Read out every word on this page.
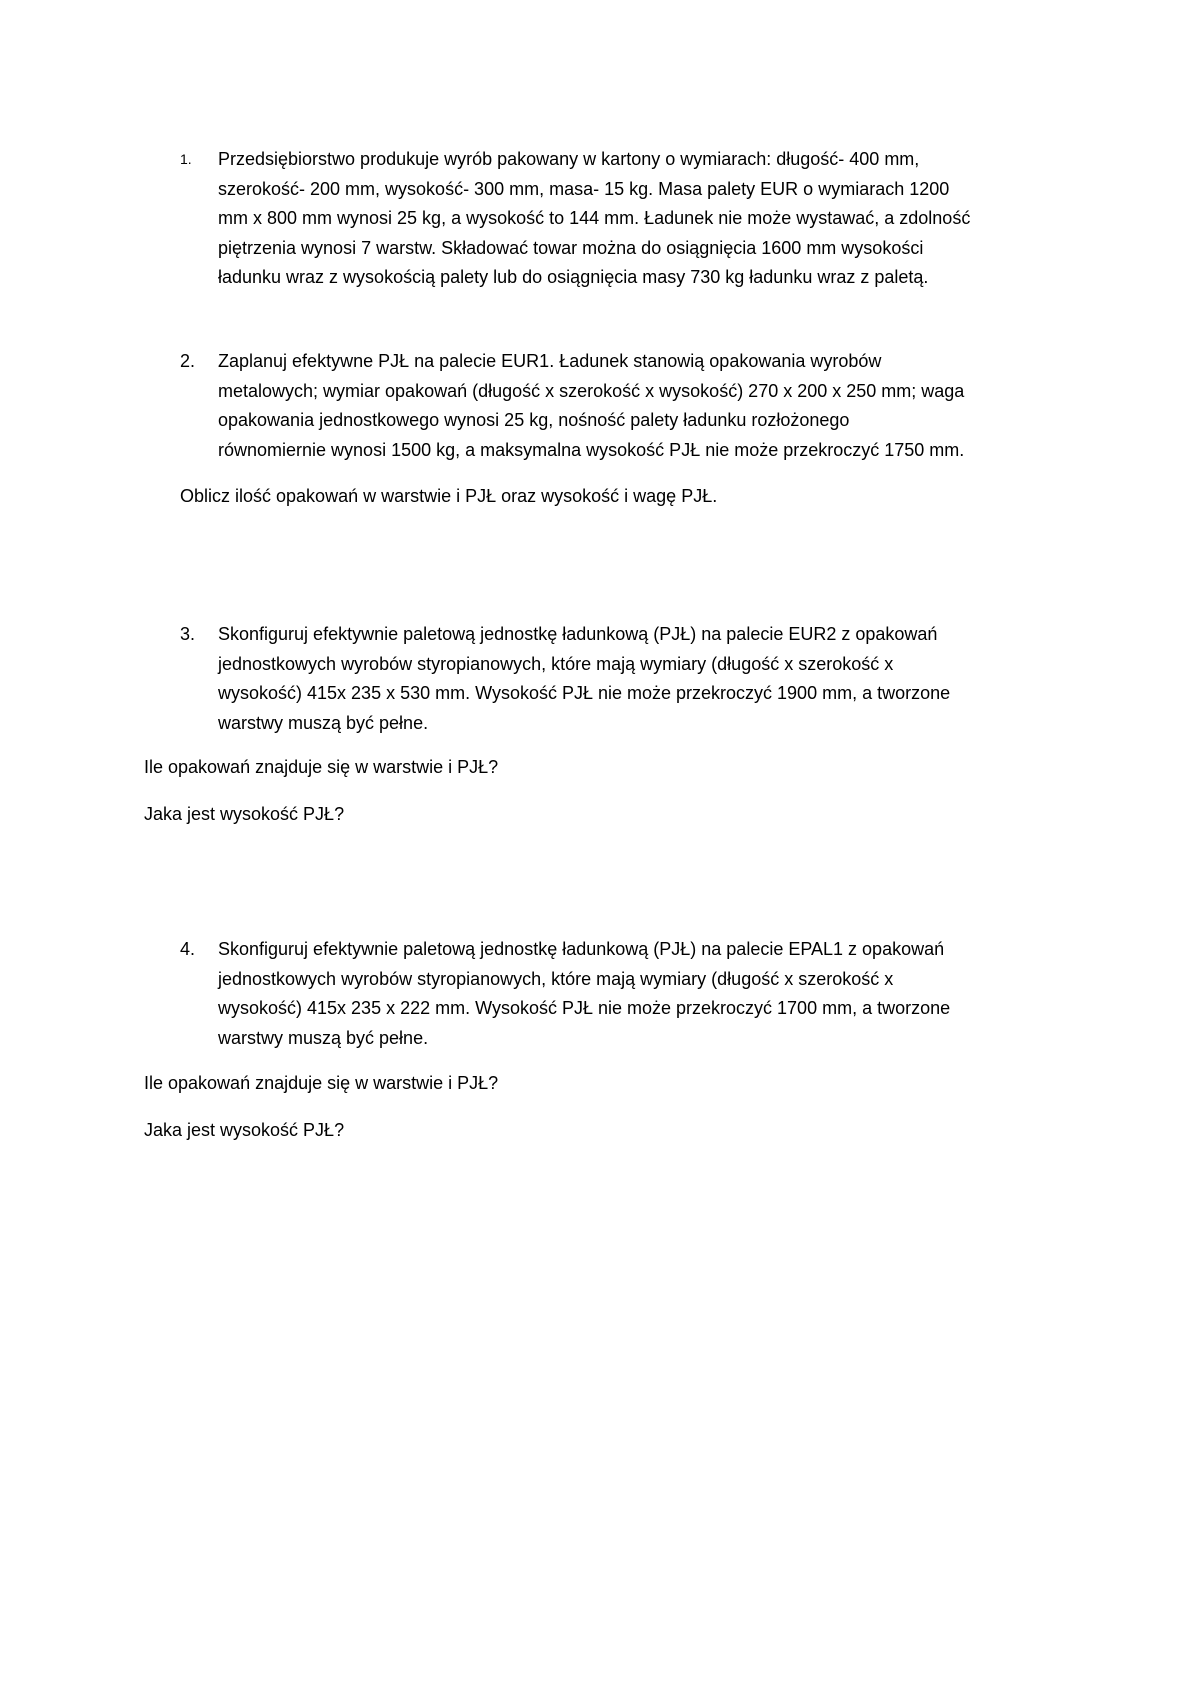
1.	Przedsiębiorstwo produkuje wyrób pakowany w kartony o wymiarach: długość- 400 mm,
szerokość- 200 mm, wysokość- 300 mm, masa- 15 kg. Masa palety EUR o wymiarach 1200
mm x 800 mm wynosi 25 kg, a wysokość to 144 mm. Ładunek nie może wystawać, a zdolność
piętrzenia wynosi 7 warstw. Składować towar można do osiągnięcia 1600 mm wysokości
ładunku wraz z wysokością palety lub do osiągnięcia masy 730 kg ładunku wraz z paletą.
2.	Zaplanuj efektywne PJŁ na palecie EUR1. Ładunek stanowią opakowania wyrobów
metalowych; wymiar opakowań (długość x szerokość x wysokość) 270 x 200 x 250 mm; waga
opakowania jednostkowego wynosi 25 kg, nośność palety ładunku rozłożonego
równomiernie wynosi 1500 kg, a maksymalna wysokość PJŁ nie może przekroczyć 1750 mm.
Oblicz ilość opakowań w warstwie i PJŁ oraz wysokość i wagę PJŁ.
3.	Skonfiguruj efektywnie paletową jednostkę ładunkową (PJŁ) na palecie EUR2 z opakowań
jednostkowych wyrobów styropianowych, które mają wymiary (długość x szerokość x
wysokość) 415x 235 x 530 mm. Wysokość PJŁ nie może przekroczyć 1900 mm, a tworzone
warstwy muszą być pełne.
Ile opakowań znajduje się w warstwie i PJŁ?
Jaka jest wysokość PJŁ?
4.	Skonfiguruj efektywnie paletową jednostkę ładunkową (PJŁ) na palecie EPAL1 z opakowań
jednostkowych wyrobów styropianowych, które mają wymiary (długość x szerokość x
wysokość) 415x 235 x 222 mm. Wysokość PJŁ nie może przekroczyć 1700 mm, a tworzone
warstwy muszą być pełne.
Ile opakowań znajduje się w warstwie i PJŁ?
Jaka jest wysokość PJŁ?
